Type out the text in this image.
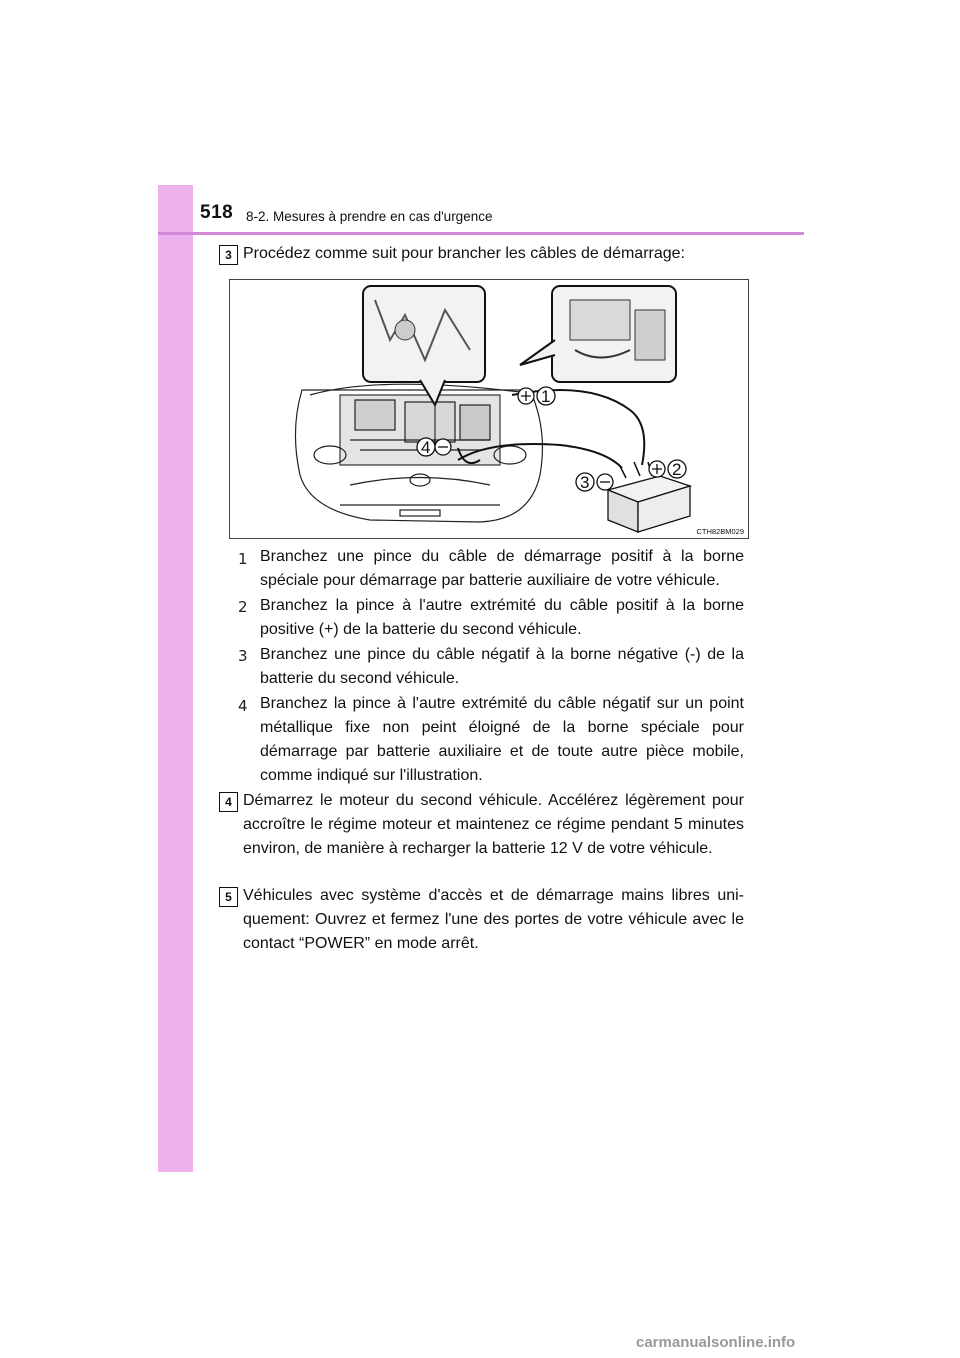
518 8-2. Mesures à prendre en cas d'urgence
3 Procédez comme suit pour brancher les câbles de démarrage:

1
2
3
4
CTH82BM029
1 Branchez une pince du câble de démarrage positif à la borne spéciale pour démarrage par batterie auxiliaire de votre véhicule.

2 Branchez la pince à l'autre extrémité du câble positif à la borne positive (+) de la batterie du second véhicule.

3 Branchez une pince du câble négatif à la borne négative (-) de la batterie du second véhicule.

4 Branchez la pince à l'autre extrémité du câble négatif sur un point métallique fixe non peint éloigné de la borne spéciale pour démarrage par batterie auxiliaire et de toute autre pièce mobile, comme indiqué sur l'illustration.

4 Démarrez le moteur du second véhicule. Accélérez légèrement pour accroître le régime moteur et maintenez ce régime pendant 5 minutes environ, de manière à recharger la batterie 12 V de votre véhicule.

5 Véhicules avec système d'accès et de démarrage mains libres uni-quement: Ouvrez et fermez l'une des portes de votre véhicule avec le contact “POWER” en mode arrêt.

carmanualsonline.info
